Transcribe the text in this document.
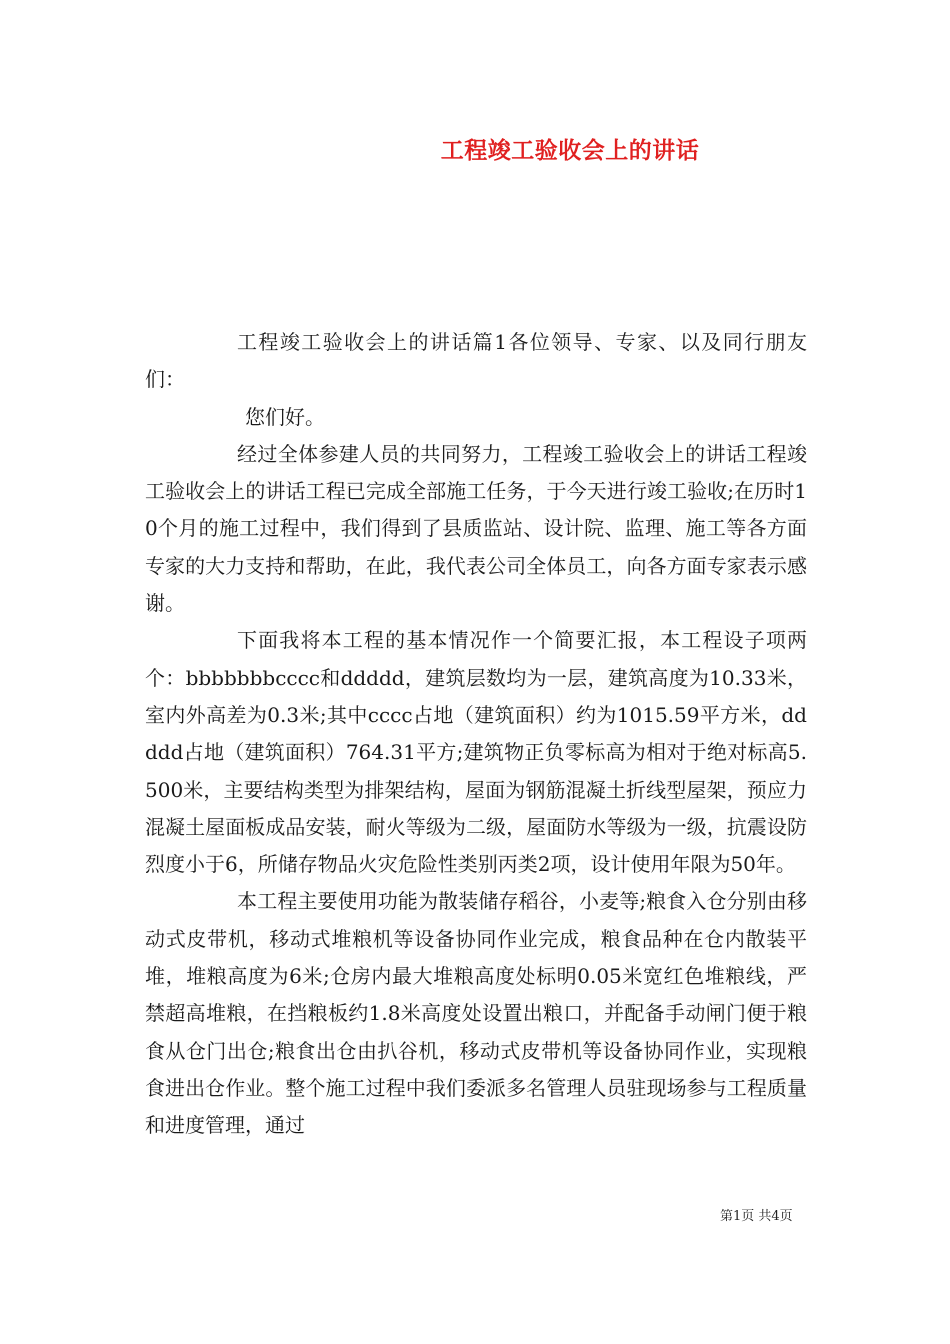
工程竣工验收会上的讲话

工程竣工验收会上的讲话篇1各位领导、专家、以及同行朋友们：

您们好。

经过全体参建人员的共同努力，工程竣工验收会上的讲话工程竣工验收会上的讲话工程已完成全部施工任务，于今天进行竣工验收;在历时10个月的施工过程中，我们得到了县质监站、设计院、监理、施工等各方面专家的大力支持和帮助，在此，我代表公司全体员工，向各方面专家表示感谢。

下面我将本工程的基本情况作一个简要汇报，本工程设子项两个：bbbbbbbcccc和ddddd，建筑层数均为一层，建筑高度为10.33米，室内外高差为0.3米;其中cccc占地（建筑面积）约为1015.59平方米，ddddd占地（建筑面积）764.31平方;建筑物正负零标高为相对于绝对标高5.500米，主要结构类型为排架结构，屋面为钢筋混凝土折线型屋架，预应力混凝土屋面板成品安装，耐火等级为二级，屋面防水等级为一级，抗震设防烈度小于6，所储存物品火灾危险性类别丙类2项，设计使用年限为50年。

本工程主要使用功能为散装储存稻谷，小麦等;粮食入仓分别由移动式皮带机，移动式堆粮机等设备协同作业完成，粮食品种在仓内散装平堆，堆粮高度为6米;仓房内最大堆粮高度处标明0.05米宽红色堆粮线，严禁超高堆粮，在挡粮板约1.8米高度处设置出粮口，并配备手动闸门便于粮食从仓门出仓;粮食出仓由扒谷机，移动式皮带机等设备协同作业，实现粮食进出仓作业。整个施工过程中我们委派多名管理人员驻现场参与工程质量和进度管理，通过

第1页 共4页
